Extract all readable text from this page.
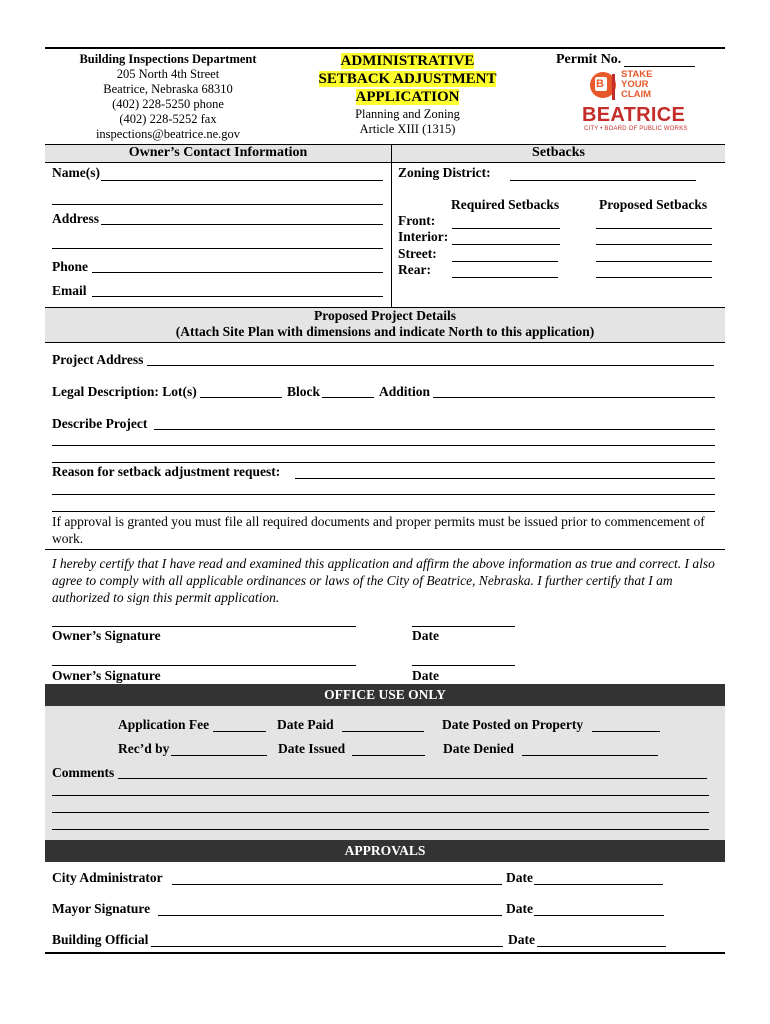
Building Inspections Department
205 North 4th Street
Beatrice, Nebraska 68310
(402) 228-5250 phone
(402) 228-5252 fax
inspections@beatrice.ne.gov
ADMINISTRATIVE
SETBACK ADJUSTMENT
APPLICATION
Planning and Zoning
Article XIII (1315)
Permit No.
B
STAKE
YOUR
CLAIM
BEATRICE
CITY • BOARD OF PUBLIC WORKS
Owner’s Contact Information	Setbacks
Name(s)
Address
Phone
Email
Zoning District:
Required Setbacks	Proposed Setbacks
Front:
Interior:
Street:
Rear:
Proposed Project Details
(Attach Site Plan with dimensions and indicate North to this application)
Project Address
Legal Description: Lot(s)	Block	Addition
Describe Project
Reason for setback adjustment request:
If approval is granted you must file all required documents and proper permits must be issued prior to commencement of work.
I hereby certify that I have read and examined this application and affirm the above information as true and correct. I also agree to comply with all applicable ordinances or laws of the City of Beatrice, Nebraska. I further certify that I am authorized to sign this permit application.
Owner’s Signature	Date
Owner’s Signature	Date
OFFICE USE ONLY
Application Fee	Date Paid	Date Posted on Property
Rec’d by	Date Issued	Date Denied
Comments
APPROVALS
City Administrator	Date
Mayor Signature	Date
Building Official	Date
